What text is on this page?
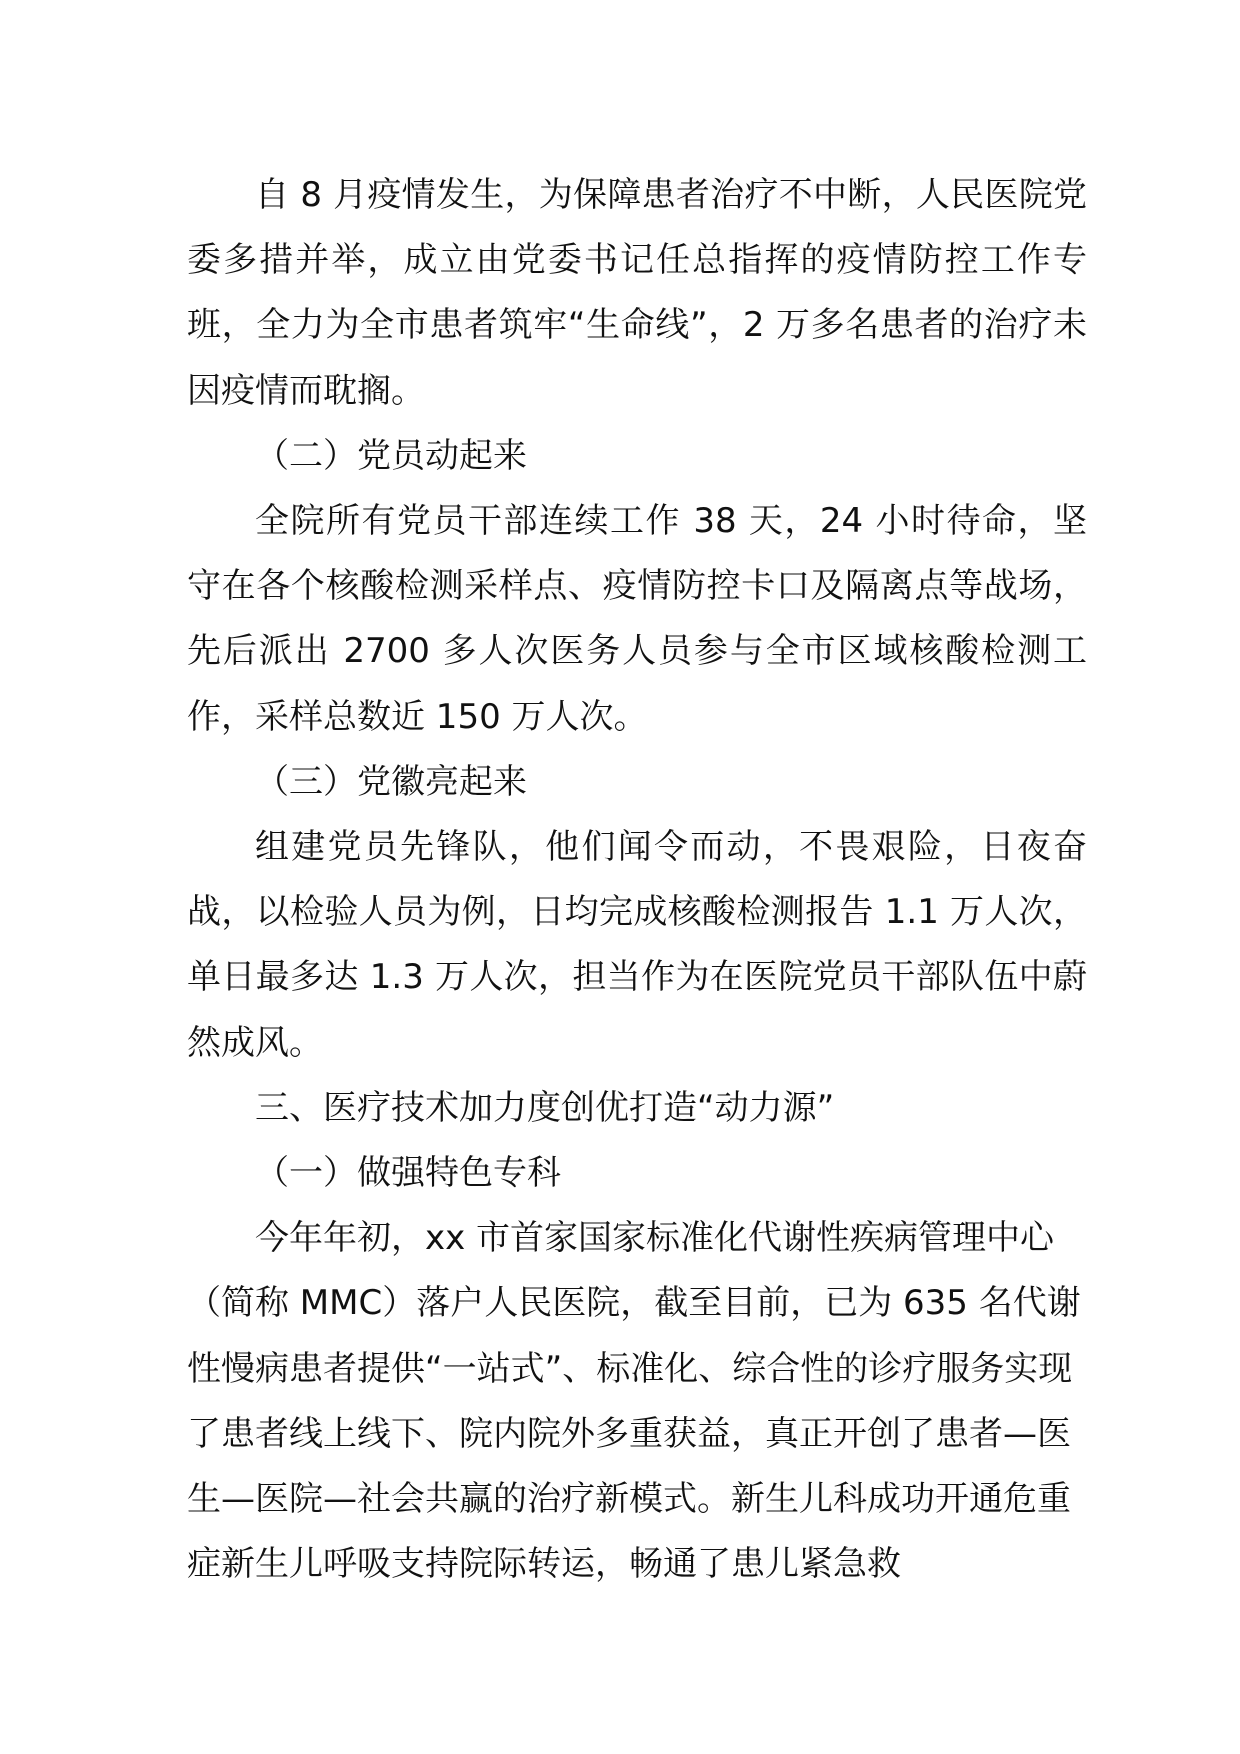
自 8 月疫情发生，为保障患者治疗不中断，人民医院党委多措并举，成立由党委书记任总指挥的疫情防控工作专班，全力为全市患者筑牢“生命线”，2 万多名患者的治疗未因疫情而耽搁。

（二）党员动起来

全院所有党员干部连续工作 38 天，24 小时待命，坚守在各个核酸检测采样点、疫情防控卡口及隔离点等战场，先后派出 2700 多人次医务人员参与全市区域核酸检测工作，采样总数近 150 万人次。

（三）党徽亮起来

组建党员先锋队，他们闻令而动，不畏艰险，日夜奋战，以检验人员为例，日均完成核酸检测报告 1.1 万人次，单日最多达 1.3 万人次，担当作为在医院党员干部队伍中蔚然成风。

三、医疗技术加力度创优打造“动力源”

（一）做强特色专科

今年年初，xx 市首家国家标准化代谢性疾病管理中心（简称 MMC）落户人民医院，截至目前，已为 635 名代谢性慢病患者提供“一站式”、标准化、综合性的诊疗服务实现了患者线上线下、院内院外多重获益，真正开创了患者—医生—医院—社会共赢的治疗新模式。新生儿科成功开通危重症新生儿呼吸支持院际转运，畅通了患儿紧急救
